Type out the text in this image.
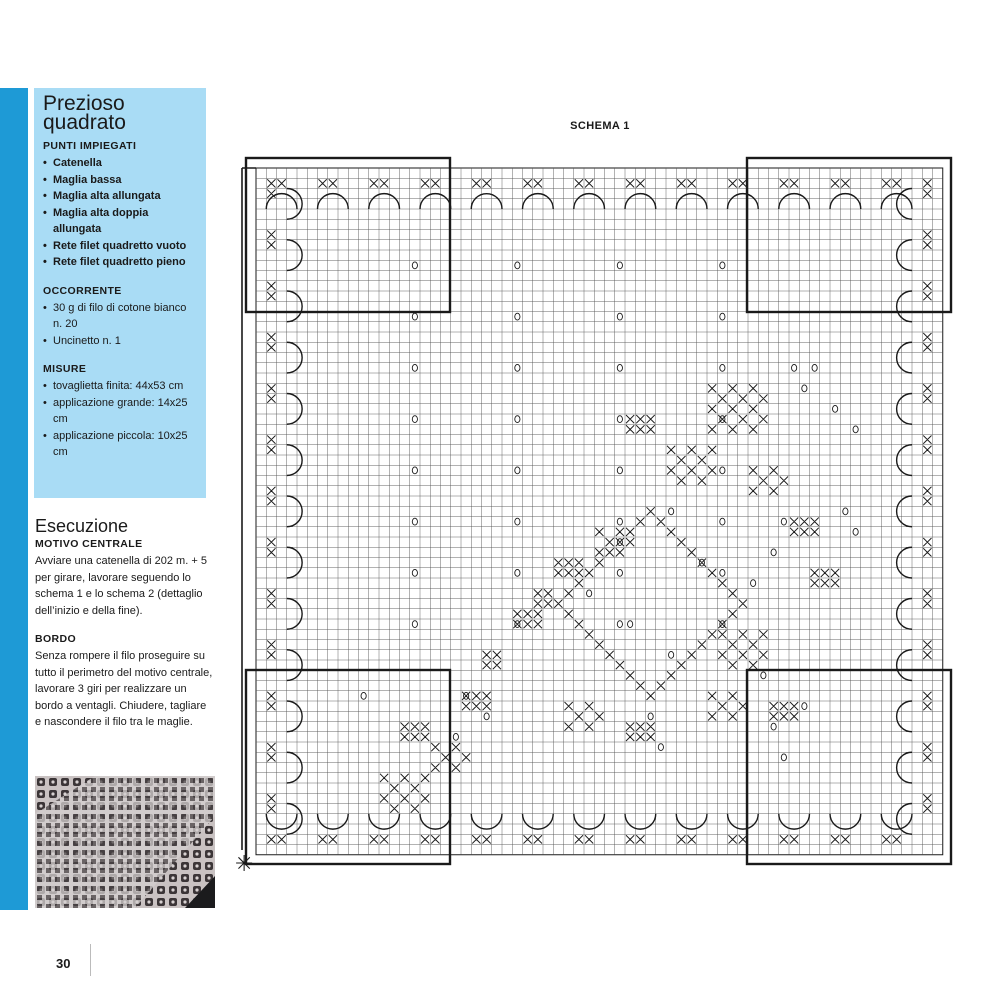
Prezioso quadrato
PUNTI IMPIEGATI
• Catenella
• Maglia bassa
• Maglia alta allungata
• Maglia alta doppia allungata
• Rete filet quadretto vuoto
• Rete filet quadretto pieno
OCCORRENTE
• 30 g di filo di cotone bianco n. 20
• Uncinetto n. 1
MISURE
• tovaglietta finita: 44x53 cm
• applicazione grande: 14x25 cm
• applicazione piccola: 10x25 cm
Esecuzione
MOTIVO CENTRALE

Avviare una catenella di 202 m. + 5 per girare, lavorare seguendo lo schema 1 e lo schema 2 (dettaglio dell’inizio e della fine).

BORDO

Senza rompere il filo proseguire su tutto il perimetro del motivo centrale, lavorare 3 giri per realizzare un bordo a ventagli. Chiudere, tagliare e nascondere il filo tra le maglie.

SCHEMA 1
✳
30
